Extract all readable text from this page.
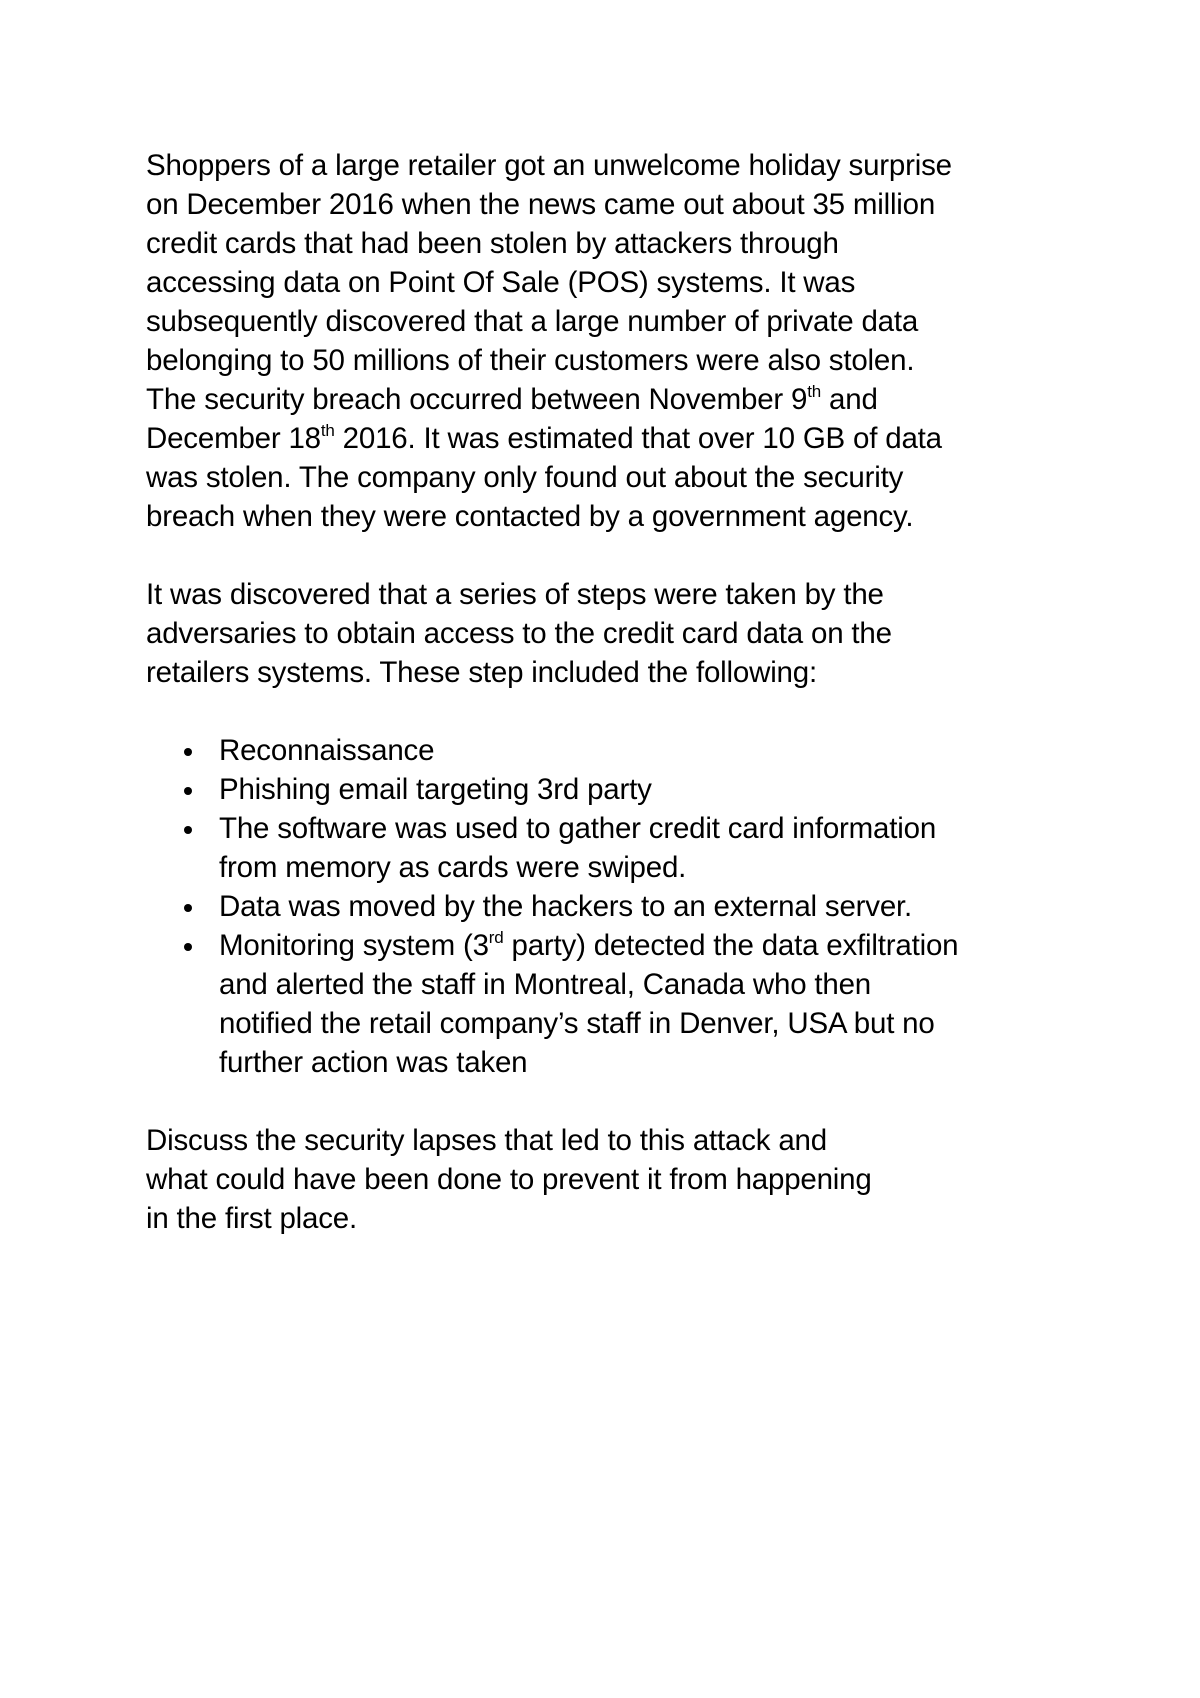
Shoppers of a large retailer got an unwelcome holiday surprise
on December 2016 when the news came out about 35 million
credit cards that had been stolen by attackers through
accessing data on Point Of Sale (POS) systems. It was
subsequently discovered that a large number of private data
belonging to 50 millions of their customers were also stolen.
The security breach occurred between November 9th and
December 18th 2016. It was estimated that over 10 GB of data
was stolen. The company only found out about the security
breach when they were contacted by a government agency.

It was discovered that a series of steps were taken by the
adversaries to obtain access to the credit card data on the
retailers systems. These step included the following:

Reconnaissance
Phishing email targeting 3rd party
The software was used to gather credit card information
from memory as cards were swiped.
Data was moved by the hackers to an external server.
Monitoring system (3rd party) detected the data exfiltration
and alerted the staff in Montreal, Canada who then
notified the retail company’s staff in Denver, USA but no
further action was taken

Discuss the security lapses that led to this attack and
what could have been done to prevent it from happening
in the first place.
